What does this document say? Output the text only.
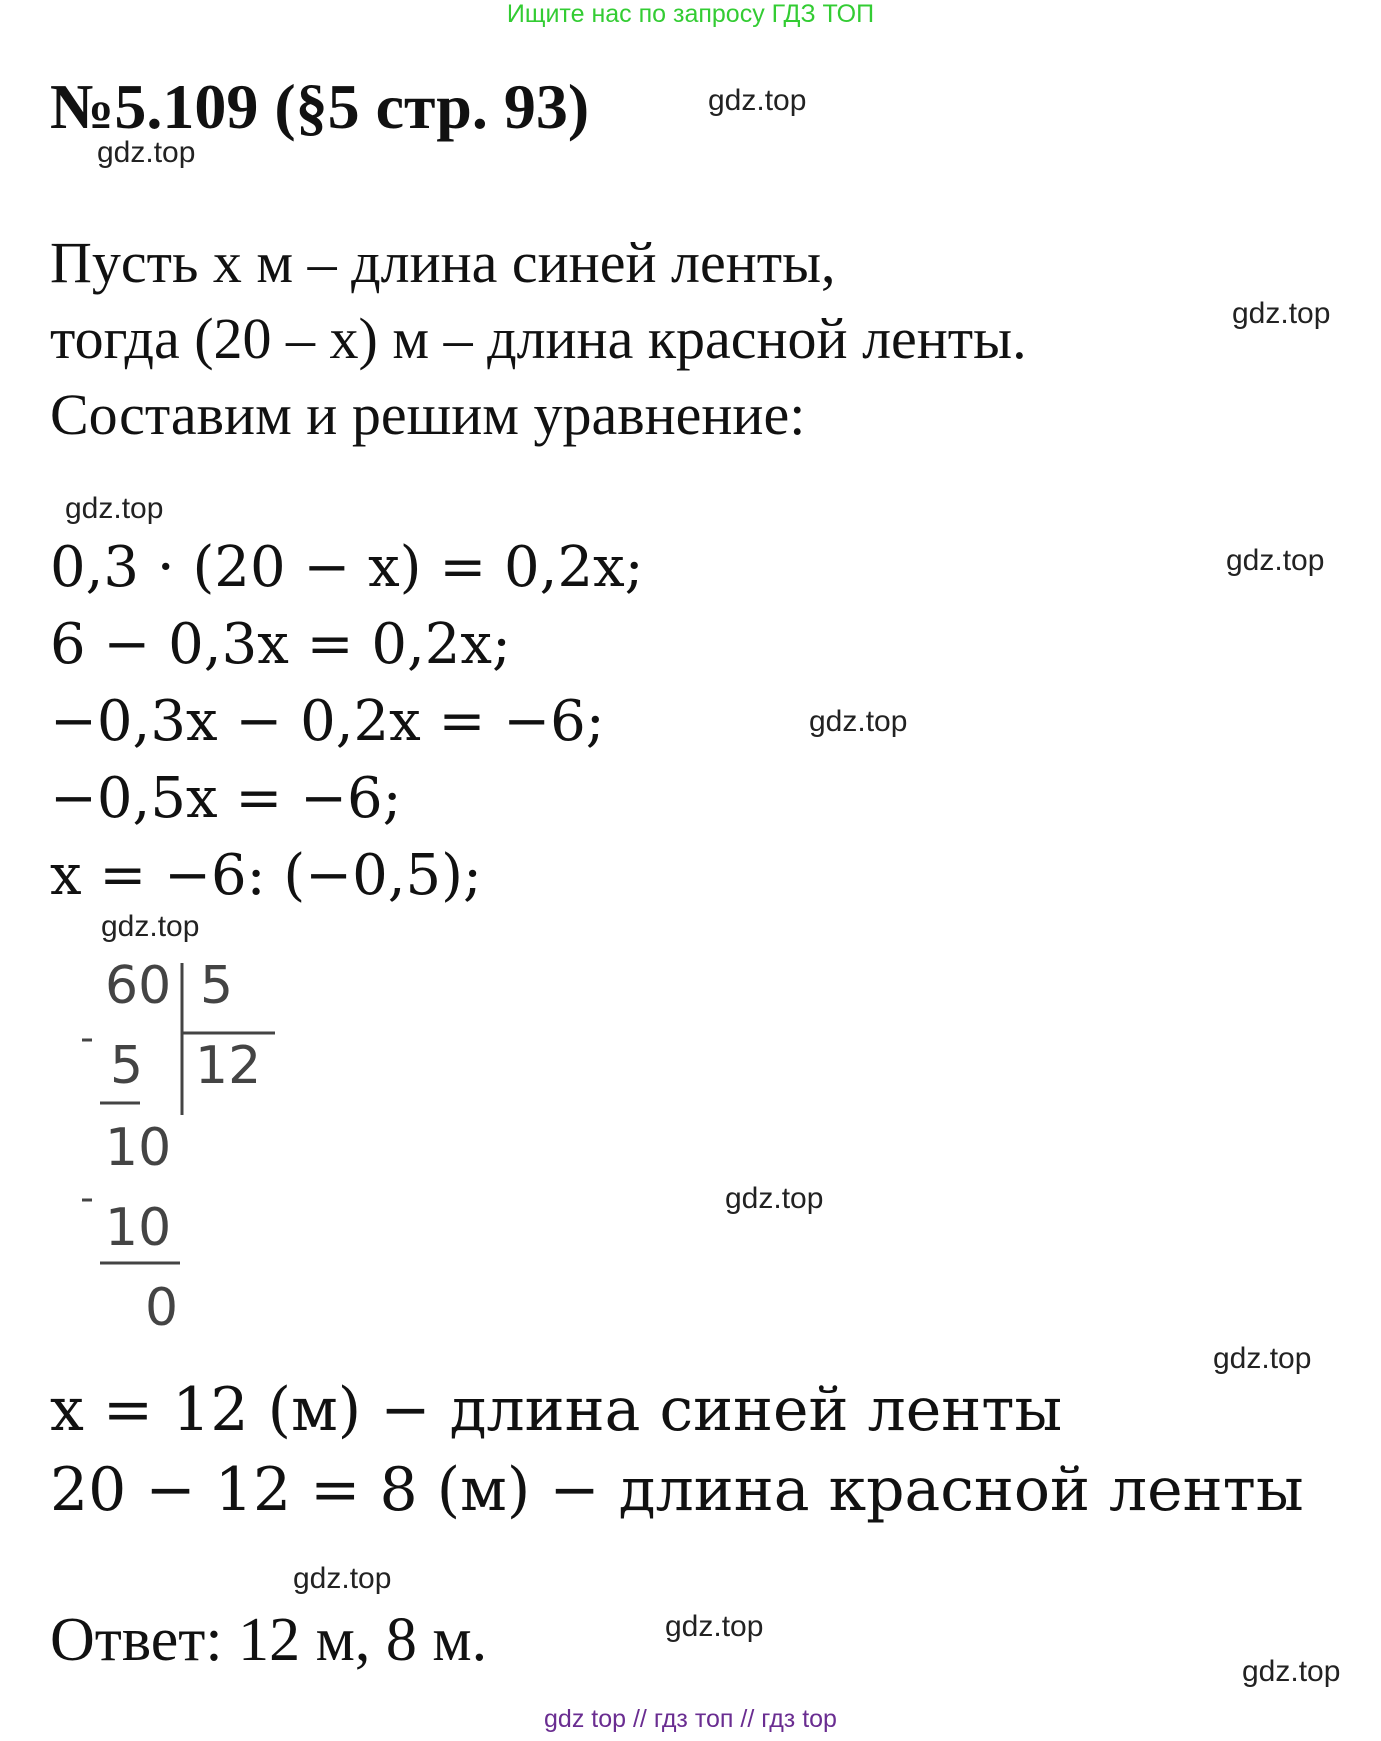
Ищите нас по запросу ГДЗ ТОП
№5.109 (§5 стр. 93)
Пусть x м – длина синей ленты,
тогда (20 – x) м – длина красной ленты.
Составим и решим уравнение:
0,3 · (20 − x) = 0,2x;
6 − 0,3x = 0,2x;
−0,3x − 0,2x = −6;
−0,5x = −6;
x = −6: (−0,5);
60 5
12
5
10
10
0
x = 12 (м) − длина синей ленты
20 − 12 = 8 (м) − длина красной ленты
Ответ: 12 м, 8 м.
gdz.top
gdz.top
gdz.top
gdz.top
gdz.top
gdz.top
gdz.top
gdz.top
gdz.top
gdz.top
gdz.top
gdz.top
gdz top // гдз топ // гдз top
